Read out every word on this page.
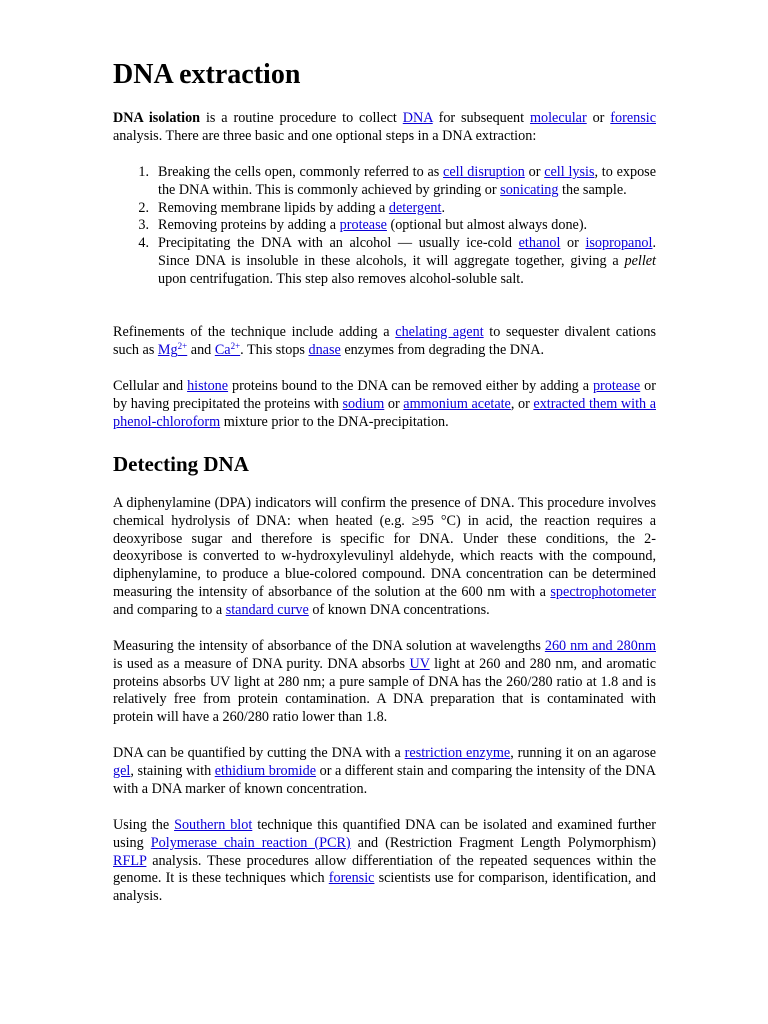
DNA extraction

DNA isolation is a routine procedure to collect DNA for subsequent molecular or forensic analysis. There are three basic and one optional steps in a DNA extraction:

1. Breaking the cells open, commonly referred to as cell disruption or cell lysis, to expose the DNA within. This is commonly achieved by grinding or sonicating the sample.
2. Removing membrane lipids by adding a detergent.
3. Removing proteins by adding a protease (optional but almost always done).
4. Precipitating the DNA with an alcohol — usually ice-cold ethanol or isopropanol. Since DNA is insoluble in these alcohols, it will aggregate together, giving a pellet upon centrifugation. This step also removes alcohol-soluble salt.

Refinements of the technique include adding a chelating agent to sequester divalent cations such as $Mg^{2+}$ and $Ca^{2+}$. This stops dnase enzymes from degrading the DNA.

Cellular and histone proteins bound to the DNA can be removed either by adding a protease or by having precipitated the proteins with sodium or ammonium acetate, or extracted them with a phenol-chloroform mixture prior to the DNA-precipitation.

Detecting DNA

A diphenylamine (DPA) indicators will confirm the presence of DNA. This procedure involves chemical hydrolysis of DNA: when heated (e.g. ≥95 °C) in acid, the reaction requires a deoxyribose sugar and therefore is specific for DNA. Under these conditions, the 2-deoxyribose is converted to w-hydroxylevulinyl aldehyde, which reacts with the compound, diphenylamine, to produce a blue-colored compound. DNA concentration can be determined measuring the intensity of absorbance of the solution at the 600 nm with a spectrophotometer and comparing to a standard curve of known DNA concentrations.

Measuring the intensity of absorbance of the DNA solution at wavelengths 260 nm and 280nm is used as a measure of DNA purity. DNA absorbs UV light at 260 and 280 nm, and aromatic proteins absorbs UV light at 280 nm; a pure sample of DNA has the 260/280 ratio at 1.8 and is relatively free from protein contamination. A DNA preparation that is contaminated with protein will have a 260/280 ratio lower than 1.8.

DNA can be quantified by cutting the DNA with a restriction enzyme, running it on an agarose gel, staining with ethidium bromide or a different stain and comparing the intensity of the DNA with a DNA marker of known concentration.

Using the Southern blot technique this quantified DNA can be isolated and examined further using Polymerase chain reaction (PCR) and (Restriction Fragment Length Polymorphism) RFLP analysis. These procedures allow differentiation of the repeated sequences within the genome. It is these techniques which forensic scientists use for comparison, identification, and analysis.
